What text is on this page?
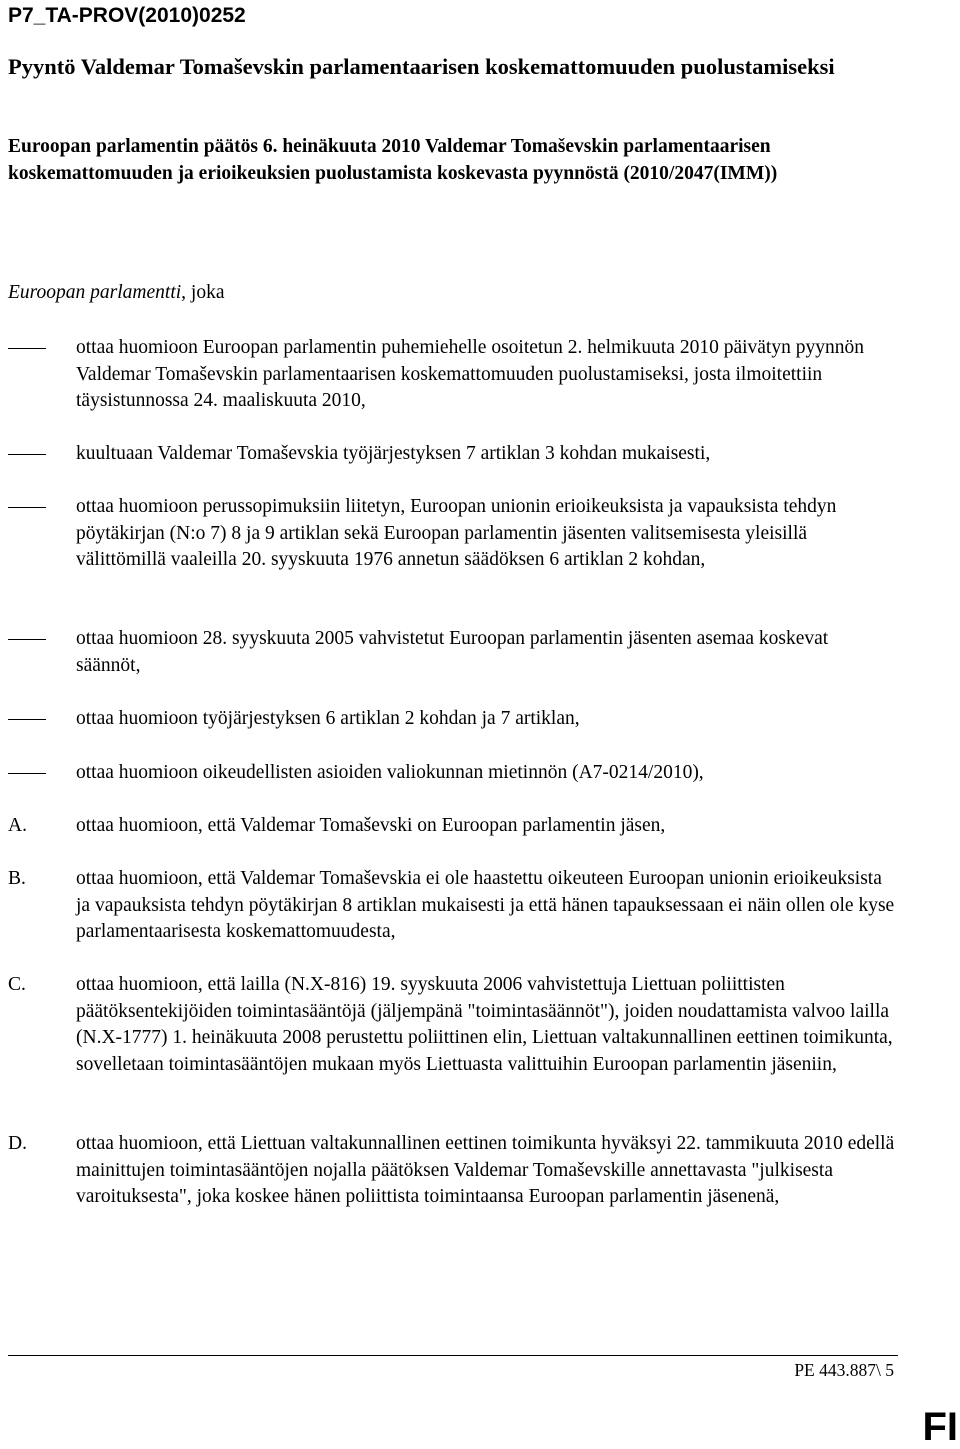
P7_TA-PROV(2010)0252
Pyyntö Valdemar Tomaševskin parlamentaarisen koskemattomuuden puolustamiseksi
Euroopan parlamentin päätös 6. heinäkuuta 2010 Valdemar Tomaševskin parlamentaarisen koskemattomuuden ja erioikeuksien puolustamista koskevasta pyynnöstä (2010/2047(IMM))
Euroopan parlamentti, joka
ottaa huomioon Euroopan parlamentin puhemiehelle osoitetun 2. helmikuuta 2010 päivätyn pyynnön Valdemar Tomaševskin parlamentaarisen koskemattomuuden puolustamiseksi, josta ilmoitettiin täysistunnossa 24. maaliskuuta 2010,
kuultuaan Valdemar Tomaševskia työjärjestyksen 7 artiklan 3 kohdan mukaisesti,
ottaa huomioon perussopimuksiin liitetyn, Euroopan unionin erioikeuksista ja vapauksista tehdyn pöytäkirjan (N:o 7) 8 ja 9 artiklan sekä Euroopan parlamentin jäsenten valitsemisesta yleisillä välittömillä vaaleilla 20. syyskuuta 1976 annetun säädöksen 6 artiklan 2 kohdan,
ottaa huomioon 28. syyskuuta 2005 vahvistetut Euroopan parlamentin jäsenten asemaa koskevat säännöt,
ottaa huomioon työjärjestyksen 6 artiklan 2 kohdan ja 7 artiklan,
ottaa huomioon oikeudellisten asioiden valiokunnan mietinnön (A7-0214/2010),
A.	ottaa huomioon, että Valdemar Tomaševski on Euroopan parlamentin jäsen,
B.	ottaa huomioon, että Valdemar Tomaševskia ei ole haastettu oikeuteen Euroopan unionin erioikeuksista ja vapauksista tehdyn pöytäkirjan 8 artiklan mukaisesti ja että hänen tapauksessaan ei näin ollen ole kyse parlamentaarisesta koskemattomuudesta,
C.	ottaa huomioon, että lailla (N.X-816) 19. syyskuuta 2006 vahvistettuja Liettuan poliittisten päätöksentekijöiden toimintasääntöjä (jäljempänä "toimintasäännöt"), joiden noudattamista valvoo lailla (N.X-1777) 1. heinäkuuta 2008 perustettu poliittinen elin, Liettuan valtakunnallinen eettinen toimikunta, sovelletaan toimintasääntöjen mukaan myös Liettuasta valittuihin Euroopan parlamentin jäseniin,
D.	ottaa huomioon, että Liettuan valtakunnallinen eettinen toimikunta hyväksyi 22. tammikuuta 2010 edellä mainittujen toimintasääntöjen nojalla päätöksen Valdemar Tomaševskille annettavasta "julkisesta varoituksesta", joka koskee hänen poliittista toimintaansa Euroopan parlamentin jäsenenä,
PE 443.887\ 5
FI
